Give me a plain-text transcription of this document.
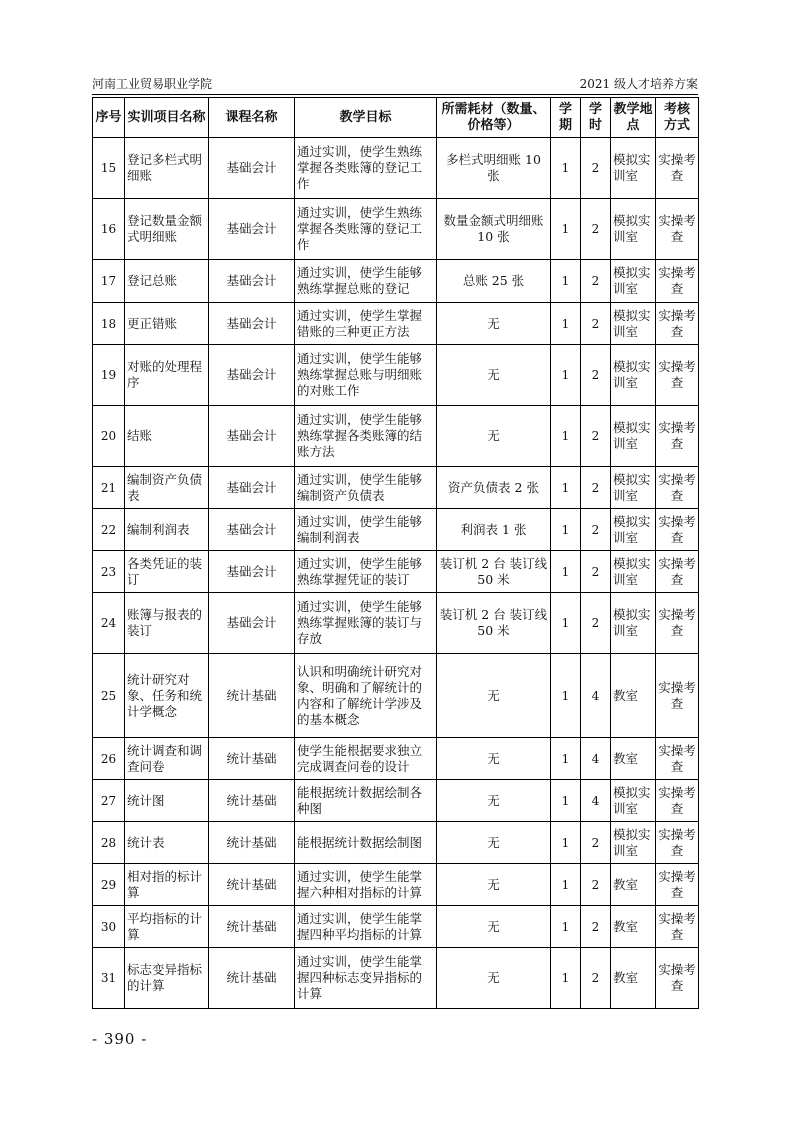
河南工业贸易职业学院	2021 级人才培养方案
序号	实训项目名称	课程名称	教学目标	所需耗材（数量、价格等）	学期	学时	教学地点	考核方式
15	登记多栏式明细账	基础会计	通过实训，使学生熟练掌握各类账簿的登记工作	多栏式明细账 10 张	1	2	模拟实训室	实操考查
16	登记数量金额式明细账	基础会计	通过实训，使学生熟练掌握各类账簿的登记工作	数量金额式明细账 10 张	1	2	模拟实训室	实操考查
17	登记总账	基础会计	通过实训，使学生能够熟练掌握总账的登记	总账 25 张	1	2	模拟实训室	实操考查
18	更正错账	基础会计	通过实训，使学生掌握错账的三种更正方法	无	1	2	模拟实训室	实操考查
19	对账的处理程序	基础会计	通过实训，使学生能够熟练掌握总账与明细账的对账工作	无	1	2	模拟实训室	实操考查
20	结账	基础会计	通过实训，使学生能够熟练掌握各类账簿的结账方法	无	1	2	模拟实训室	实操考查
21	编制资产负债表	基础会计	通过实训，使学生能够编制资产负债表	资产负债表 2 张	1	2	模拟实训室	实操考查
22	编制利润表	基础会计	通过实训，使学生能够编制利润表	利润表 1 张	1	2	模拟实训室	实操考查
23	各类凭证的装订	基础会计	通过实训，使学生能够熟练掌握凭证的装订	装订机 2 台 装订线 50 米	1	2	模拟实训室	实操考查
24	账簿与报表的装订	基础会计	通过实训，使学生能够熟练掌握账簿的装订与存放	装订机 2 台 装订线 50 米	1	2	模拟实训室	实操考查
25	统计研究对象、任务和统计学概念	统计基础	认识和明确统计研究对象、明确和了解统计的内容和了解统计学涉及的基本概念	无	1	4	教室	实操考查
26	统计调查和调查问卷	统计基础	使学生能根据要求独立完成调查问卷的设计	无	1	4	教室	实操考查
27	统计图	统计基础	能根据统计数据绘制各种图	无	1	4	模拟实训室	实操考查
28	统计表	统计基础	能根据统计数据绘制图	无	1	2	模拟实训室	实操考查
29	相对指的标计算	统计基础	通过实训，使学生能掌握六种相对指标的计算	无	1	2	教室	实操考查
30	平均指标的计算	统计基础	通过实训，使学生能掌握四种平均指标的计算	无	1	2	教室	实操考查
31	标志变异指标的计算	统计基础	通过实训，使学生能掌握四种标志变异指标的计算	无	1	2	教室	实操考查
- 390 -
